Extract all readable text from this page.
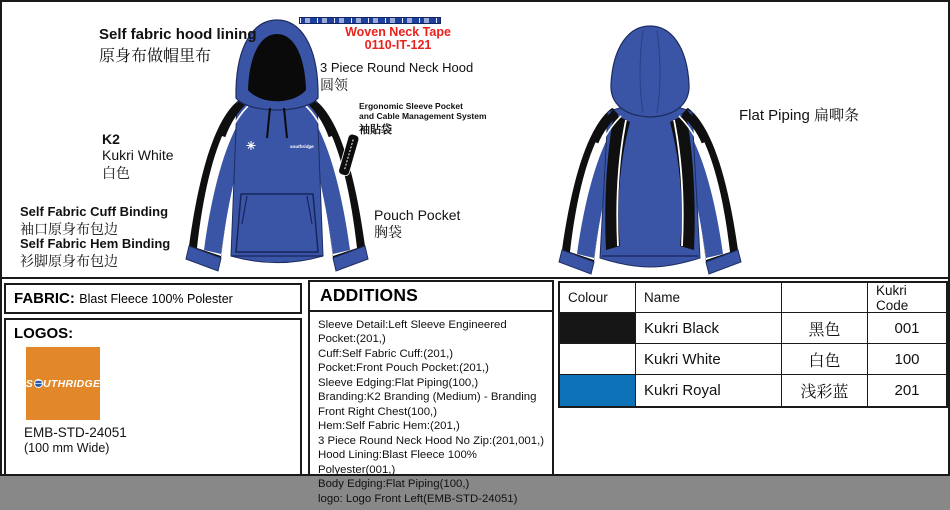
southridge
Self fabric hood lining
原身布做帽里布
Woven Neck Tape
0110-IT-121
3 Piece Round Neck Hood
圆领
Ergonomic Sleeve Pocket
and Cable Management System
袖貼袋
K2
Kukri White
白色
Self Fabric Cuff Binding
袖口原身布包边
Self Fabric Hem Binding
衫脚原身布包边
Pouch Pocket
胸袋
Flat Piping 扁唧条
FABRIC: Blast Fleece 100% Polester
LOGOS:
S UTHRIDGE
EMB-STD-24051
(100 mm Wide)
ADDITIONS
Sleeve Detail:Left Sleeve Engineered Pocket:(201,)
Cuff:Self Fabric Cuff:(201,)
Pocket:Front Pouch Pocket:(201,)
Sleeve Edging:Flat Piping(100,)
Branding:K2 Branding (Medium) - Branding Front Right Chest(100,)
Hem:Self Fabric Hem:(201,)
3 Piece Round Neck Hood No Zip:(201,001,)
Hood Lining:Blast Fleece 100% Polyester(001,)
Body Edging:Flat Piping(100,)
logo: Logo Front Left(EMB-STD-24051)
Colour	Name	Kukri Code
Kukri Black	黑色	001
Kukri White	白色	100
Kukri Royal	浅彩蓝	201
